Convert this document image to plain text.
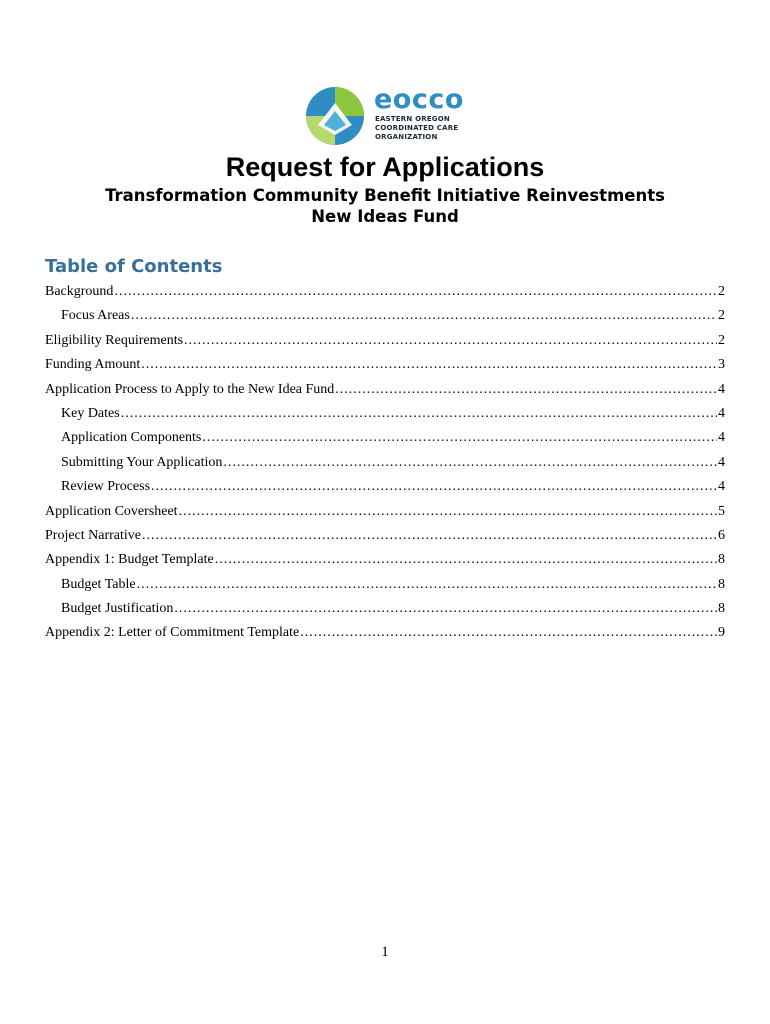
eocco
EASTERN OREGON
COORDINATED CARE
ORGANIZATION
Request for Applications
Transformation Community Benefit Initiative Reinvestments
New Ideas Fund
Table of Contents
Background .....	2
Focus Areas .....	2
Eligibility Requirements .....	2
Funding Amount .....	3
Application Process to Apply to the New Idea Fund .....	4
Key Dates .....	4
Application Components .....	4
Submitting Your Application .....	4
Review Process .....	4
Application Coversheet .....	5
Project Narrative .....	6
Appendix 1: Budget Template .....	8
Budget Table .....	8
Budget Justification .....	8
Appendix 2: Letter of Commitment Template .....	9
1
